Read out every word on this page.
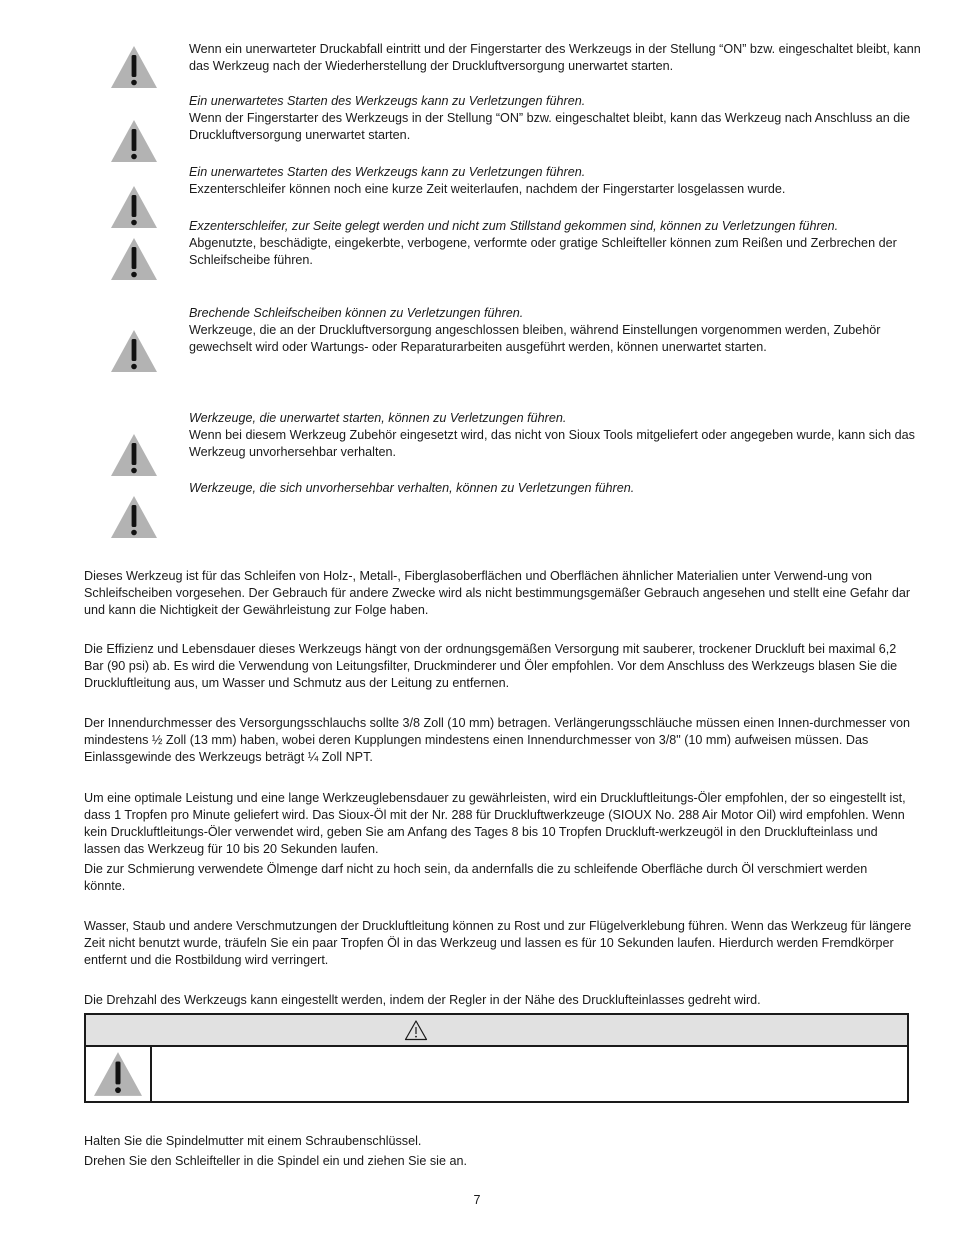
Wenn ein unerwarteter Druckabfall eintritt und der Fingerstarter des Werkzeugs in der Stellung “ON” bzw. eingeschaltet bleibt, kann das Werkzeug nach der Wiederherstellung der Druckluftversorgung unerwartet starten.

Ein unerwartetes Starten des Werkzeugs kann zu Verletzungen führen.

Wenn der Fingerstarter des Werkzeugs in der Stellung “ON” bzw. eingeschaltet bleibt, kann das Werkzeug nach Anschluss an die Druckluftversorgung unerwartet starten.

Ein unerwartetes Starten des Werkzeugs kann zu Verletzungen führen.

Exzenterschleifer können noch eine kurze Zeit weiterlaufen, nachdem der Fingerstarter losgelassen wurde.

Exzenterschleifer, zur Seite gelegt werden und nicht zum Stillstand gekommen sind, können zu Verletzungen führen.

Abgenutzte, beschädigte, eingekerbte, verbogene, verformte oder gratige Schleifteller können zum Reißen und Zerbrechen der Schleifscheibe führen.

Brechende Schleifscheiben können zu Verletzungen führen.

Werkzeuge, die an der Druckluftversorgung angeschlossen bleiben, während Einstellungen vorgenommen werden, Zubehör gewechselt wird oder Wartungs- oder Reparaturarbeiten ausgeführt werden, können unerwartet starten.

Werkzeuge, die unerwartet starten, können zu Verletzungen führen.

Wenn bei diesem Werkzeug Zubehör eingesetzt wird, das nicht von Sioux Tools mitgeliefert oder angegeben wurde, kann sich das Werkzeug unvorhersehbar verhalten.

Werkzeuge, die sich unvorhersehbar verhalten, können zu Verletzungen führen.

Dieses Werkzeug ist für das Schleifen von Holz-, Metall-, Fiberglasoberflächen und Oberflächen ähnlicher Materialien unter Verwend-ung von Schleifscheiben vorgesehen. Der Gebrauch für andere Zwecke wird als nicht bestimmungsgemäßer Gebrauch angesehen und stellt eine Gefahr dar und kann die Nichtigkeit der Gewährleistung zur Folge haben.

Die Effizienz und Lebensdauer dieses Werkzeugs hängt von der ordnungsgemäßen Versorgung mit sauberer, trockener Druckluft bei maximal 6,2 Bar (90 psi) ab. Es wird die Verwendung von Leitungsfilter, Druckminderer und Öler empfohlen. Vor dem Anschluss des Werkzeugs blasen Sie die Druckluftleitung aus, um Wasser und Schmutz aus der Leitung zu entfernen.

Der Innendurchmesser des Versorgungsschlauchs sollte 3/8 Zoll (10 mm) betragen. Verlängerungsschläuche müssen einen Innen-durchmesser von mindestens ½ Zoll (13 mm) haben, wobei deren Kupplungen mindestens einen Innendurchmesser von 3/8" (10 mm) aufweisen müssen. Das Einlassgewinde des Werkzeugs beträgt ¼ Zoll NPT.

Um eine optimale Leistung und eine lange Werkzeuglebensdauer zu gewährleisten, wird ein Druckluftleitungs-Öler empfohlen, der so eingestellt ist, dass 1 Tropfen pro Minute geliefert wird. Das Sioux-Öl mit der Nr. 288 für Druckluftwerkzeuge (SIOUX No. 288 Air Motor Oil) wird empfohlen. Wenn kein Druckluftleitungs-Öler verwendet wird, geben Sie am Anfang des Tages 8 bis 10 Tropfen Druckluft-werkzeugöl in den Drucklufteinlass und lassen das Werkzeug für 10 bis 20 Sekunden laufen.

Die zur Schmierung verwendete Ölmenge darf nicht zu hoch sein, da andernfalls die zu schleifende Oberfläche durch Öl verschmiert werden könnte.

Wasser, Staub und andere Verschmutzungen der Druckluftleitung können zu Rost und zur Flügelverklebung führen. Wenn das Werkzeug für längere Zeit nicht benutzt wurde, träufeln Sie ein paar Tropfen Öl in das Werkzeug und lassen es für 10 Sekunden laufen. Hierdurch werden Fremdkörper entfernt und die Rostbildung wird verringert.

Die Drehzahl des Werkzeugs kann eingestellt werden, indem der Regler in der Nähe des Drucklufteinlasses gedreht wird.

Halten Sie die Spindelmutter mit einem Schraubenschlüssel.

Drehen Sie den Schleifteller in die Spindel ein und ziehen Sie sie an.

7
